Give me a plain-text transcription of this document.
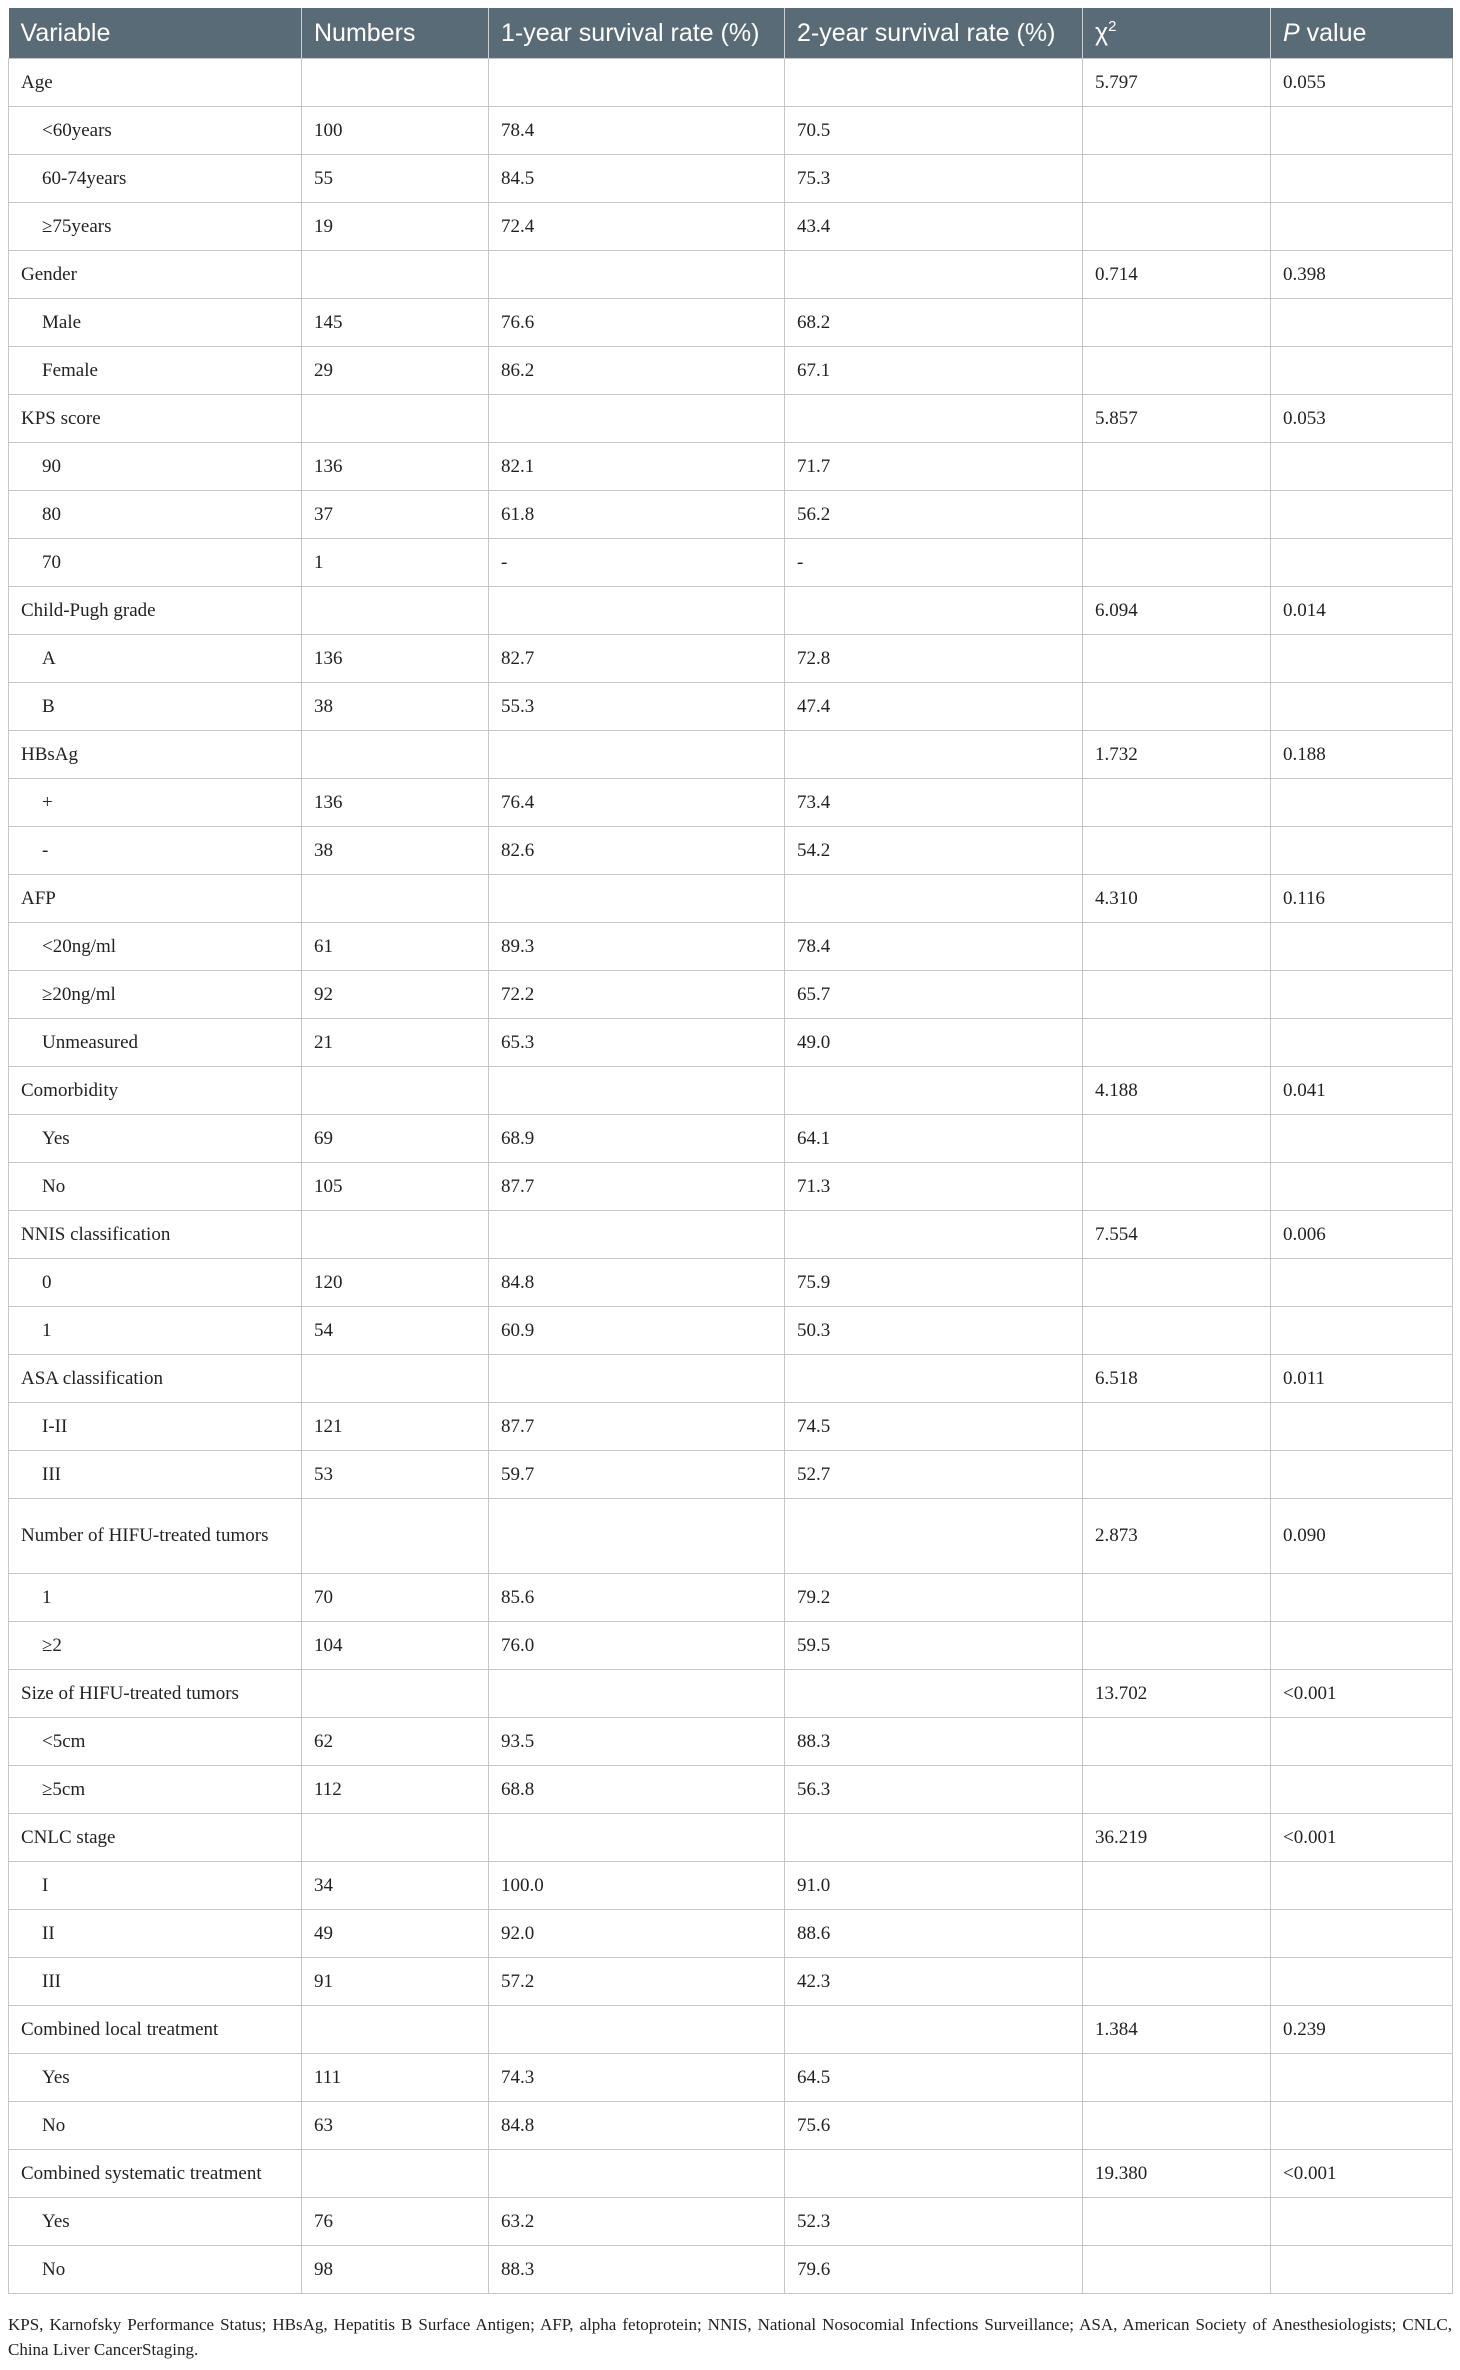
Variable	Numbers	1-year survival rate (%)	2-year survival rate (%)	$\chi^2$	P value
Age				5.797	0.055
<60years	100	78.4	70.5		
60-74years	55	84.5	75.3		
≥75years	19	72.4	43.4		
Gender				0.714	0.398
Male	145	76.6	68.2		
Female	29	86.2	67.1		
KPS score				5.857	0.053
90	136	82.1	71.7		
80	37	61.8	56.2		
70	1	-	-		
Child-Pugh grade				6.094	0.014
A	136	82.7	72.8		
B	38	55.3	47.4		
HBsAg				1.732	0.188
+	136	76.4	73.4		
-	38	82.6	54.2		
AFP				4.310	0.116
<20ng/ml	61	89.3	78.4		
≥20ng/ml	92	72.2	65.7		
Unmeasured	21	65.3	49.0		
Comorbidity				4.188	0.041
Yes	69	68.9	64.1		
No	105	87.7	71.3		
NNIS classification				7.554	0.006
0	120	84.8	75.9		
1	54	60.9	50.3		
ASA classification				6.518	0.011
I-II	121	87.7	74.5		
III	53	59.7	52.7		
Number of HIFU-treated tumors				2.873	0.090
1	70	85.6	79.2		
≥2	104	76.0	59.5		
Size of HIFU-treated tumors				13.702	<0.001
<5cm	62	93.5	88.3		
≥5cm	112	68.8	56.3		
CNLC stage				36.219	<0.001
I	34	100.0	91.0		
II	49	92.0	88.6		
III	91	57.2	42.3		
Combined local treatment				1.384	0.239
Yes	111	74.3	64.5		
No	63	84.8	75.6		
Combined systematic treatment				19.380	<0.001
Yes	76	63.2	52.3		
No	98	88.3	79.6		
KPS, Karnofsky Performance Status; HBsAg, Hepatitis B Surface Antigen; AFP, alpha fetoprotein; NNIS, National Nosocomial Infections Surveillance; ASA, American Society of Anesthesiologists; CNLC, China Liver CancerStaging.
